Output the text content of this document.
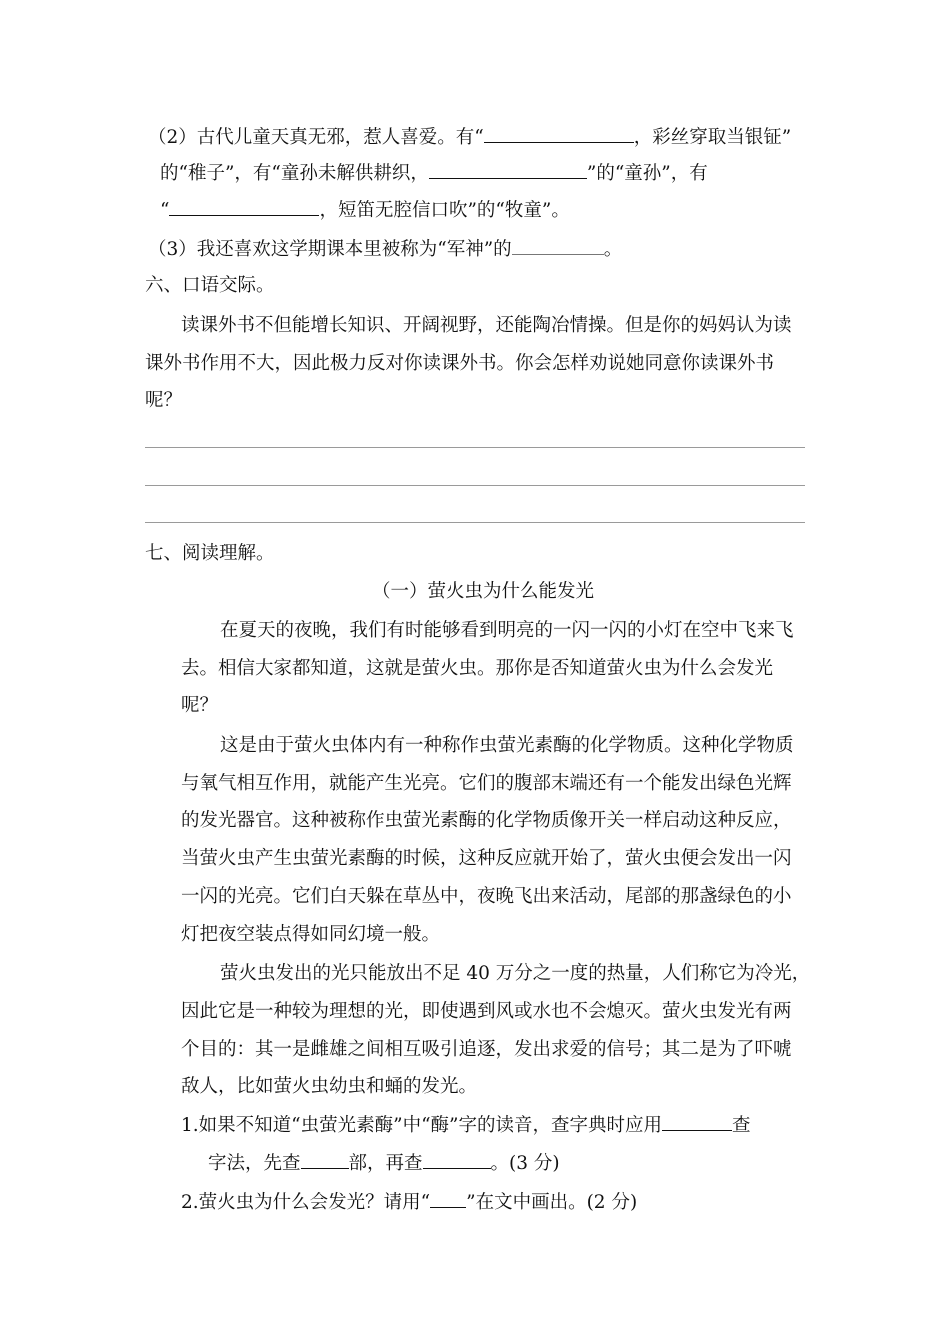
（2）古代儿童天真无邪，惹人喜爱。有“	，彩丝穿取当银钲”
的“稚子”，有“童孙未解供耕织，	”的“童孙”，有
“	，短笛无腔信口吹”的“牧童”。
（3）我还喜欢这学期课本里被称为“军神”的	。
六、口语交际。
读课外书不但能增长知识、开阔视野，还能陶冶情操。但是你的妈妈认为读
课外书作用不大，因此极力反对你读课外书。你会怎样劝说她同意你读课外书
呢？
七、阅读理解。
（一）萤火虫为什么能发光
在夏天的夜晚，我们有时能够看到明亮的一闪一闪的小灯在空中飞来飞
去。相信大家都知道，这就是萤火虫。那你是否知道萤火虫为什么会发光
呢？
这是由于萤火虫体内有一种称作虫萤光素酶的化学物质。这种化学物质
与氧气相互作用，就能产生光亮。它们的腹部末端还有一个能发出绿色光辉
的发光器官。这种被称作虫萤光素酶的化学物质像开关一样启动这种反应，
当萤火虫产生虫萤光素酶的时候，这种反应就开始了，萤火虫便会发出一闪
一闪的光亮。它们白天躲在草丛中，夜晚飞出来活动，尾部的那盏绿色的小
灯把夜空装点得如同幻境一般。
萤火虫发出的光只能放出不足 40 万分之一度的热量，人们称它为冷光，
因此它是一种较为理想的光，即使遇到风或水也不会熄灭。萤火虫发光有两
个目的：其一是雌雄之间相互吸引追逐，发出求爱的信号；其二是为了吓唬
敌人，比如萤火虫幼虫和蛹的发光。
1.如果不知道“虫萤光素酶”中“酶”字的读音，查字典时应用	查
字法，先查	部，再查	。(3 分)
2.萤火虫为什么会发光？请用“ ”在文中画出。(2 分)
